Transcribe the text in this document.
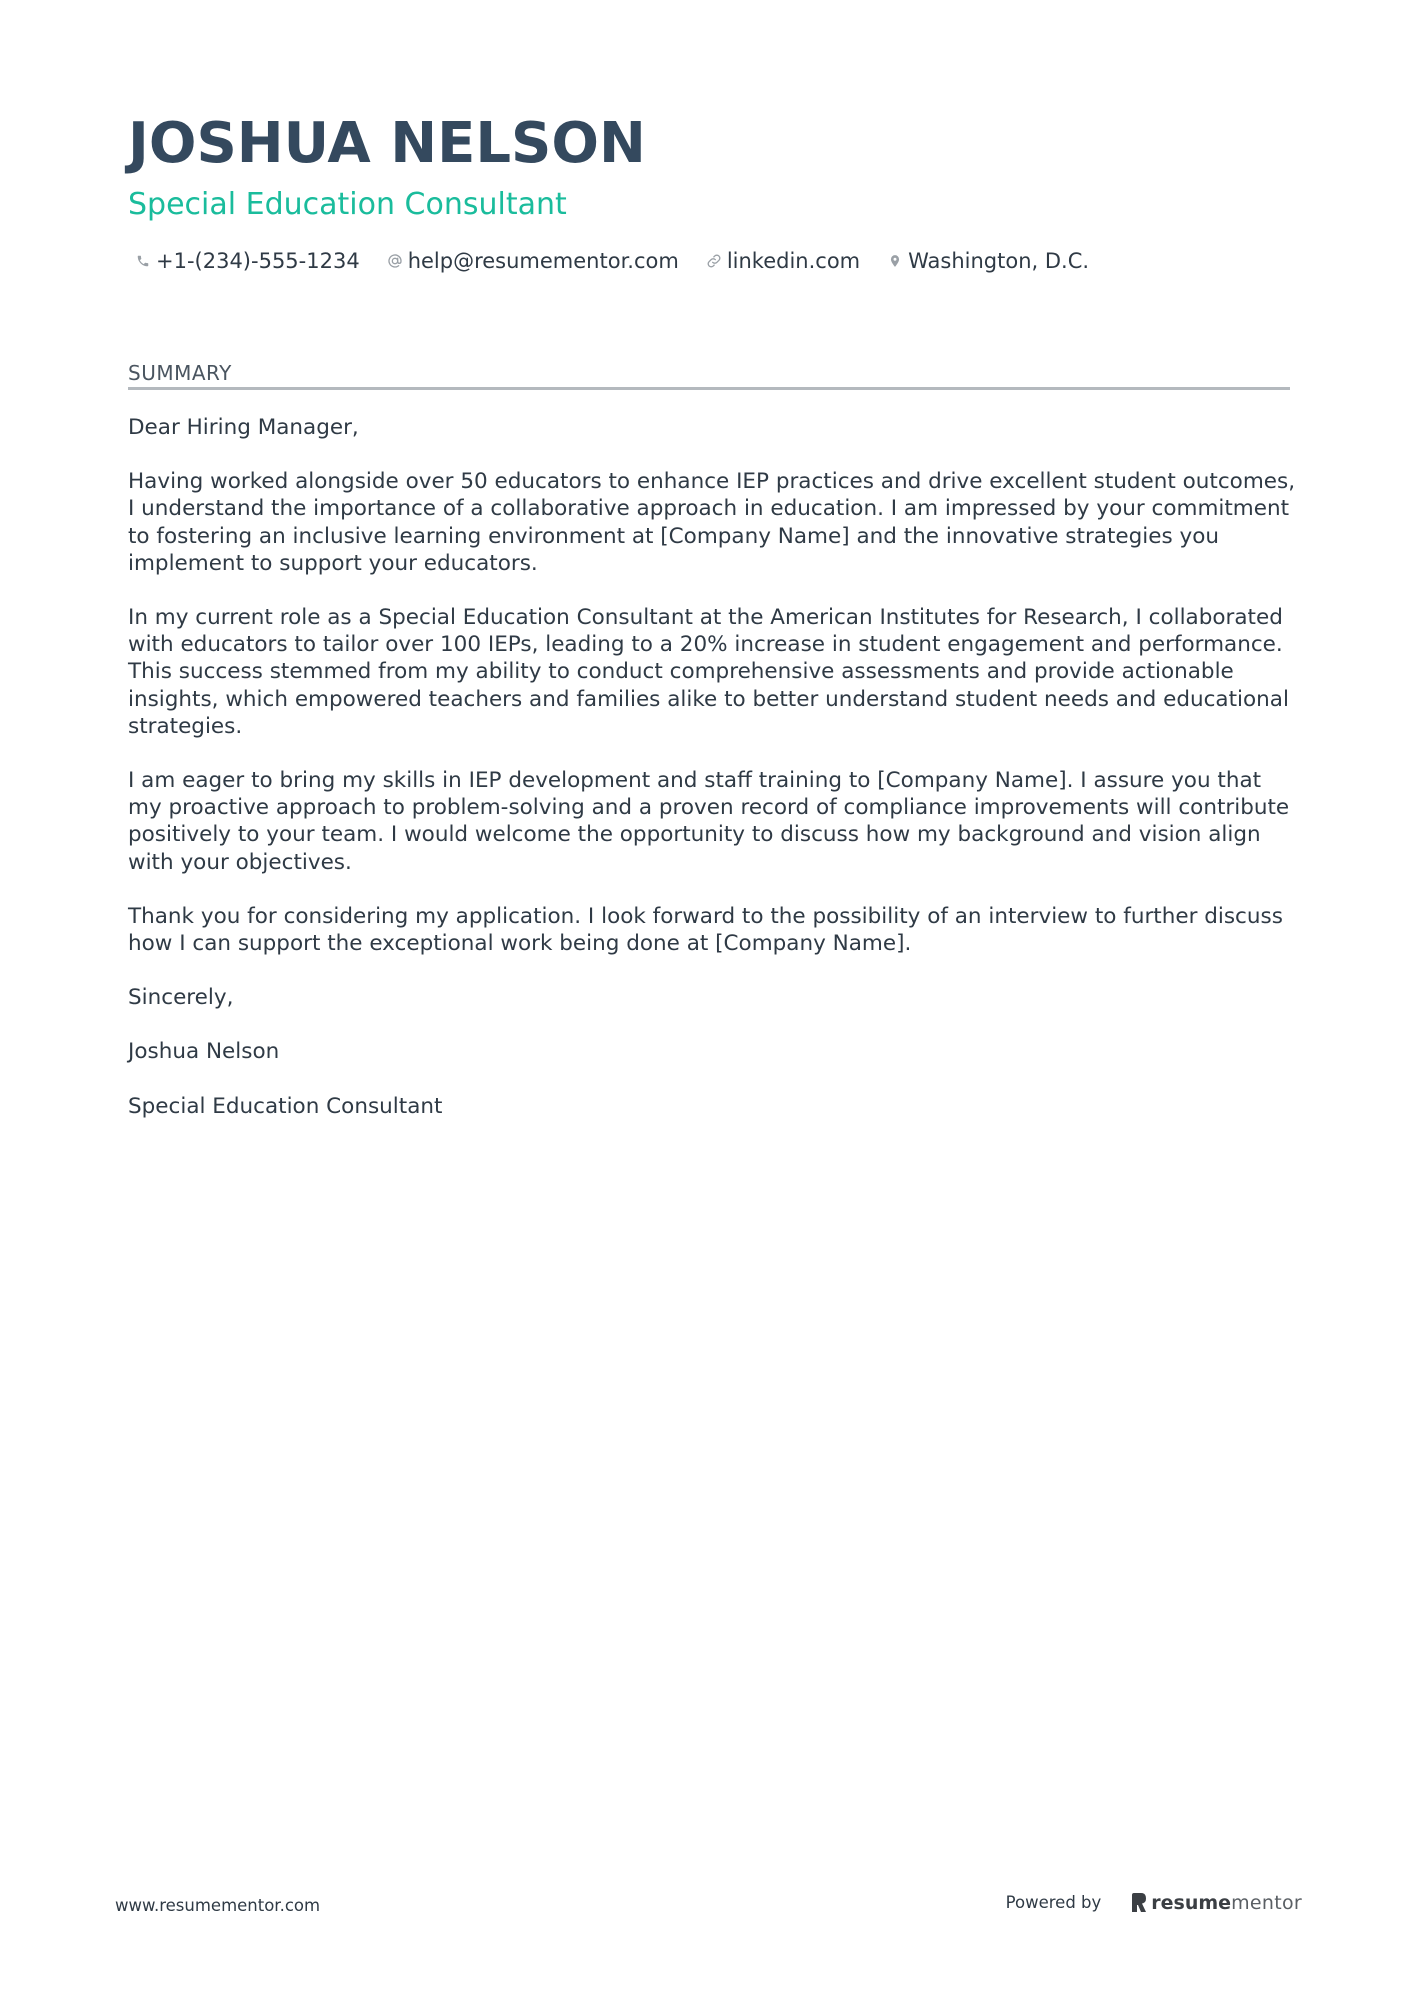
JOSHUA NELSON
Special Education Consultant
+1-(234)-555-1234 help@resumementor.com linkedin.com Washington, D.C.
SUMMARY

Dear Hiring Manager,

Having worked alongside over 50 educators to enhance IEP practices and drive excellent student outcomes, I understand the importance of a collaborative approach in education. I am impressed by your commitment to fostering an inclusive learning environment at [Company Name] and the innovative strategies you implement to support your educators.

In my current role as a Special Education Consultant at the American Institutes for Research, I collaborated with educators to tailor over 100 IEPs, leading to a 20% increase in student engagement and performance. This success stemmed from my ability to conduct comprehensive assessments and provide actionable insights, which empowered teachers and families alike to better understand student needs and educational strategies.

I am eager to bring my skills in IEP development and staff training to [Company Name]. I assure you that my proactive approach to problem-solving and a proven record of compliance improvements will contribute positively to your team. I would welcome the opportunity to discuss how my background and vision align with your objectives.

Thank you for considering my application. I look forward to the possibility of an interview to further discuss how I can support the exceptional work being done at [Company Name].

Sincerely,

Joshua Nelson

Special Education Consultant

www.resumementor.com	Powered by	resume mentor
